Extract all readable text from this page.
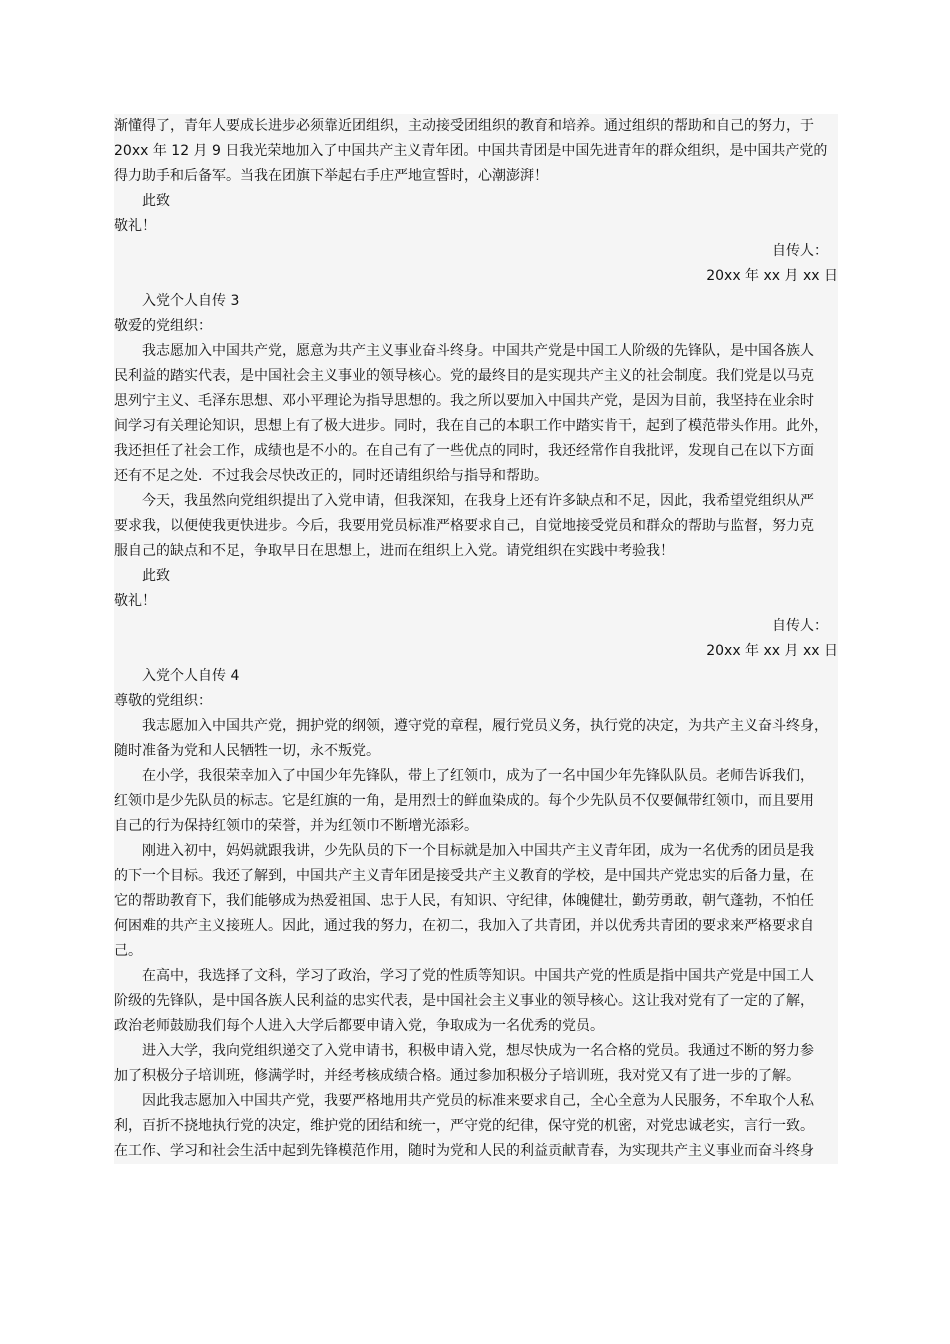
渐懂得了，青年人要成长进步必须靠近团组织，主动接受团组织的教育和培养。通过组织的帮助和自己的努力，于
20xx 年 12 月 9 日我光荣地加入了中国共产主义青年团。中国共青团是中国先进青年的群众组织，是中国共产党的
得力助手和后备军。当我在团旗下举起右手庄严地宣誓时，心潮澎湃！
此致
敬礼！
自传人：
20xx 年 xx 月 xx 日
入党个人自传 3
敬爱的党组织：
我志愿加入中国共产党，愿意为共产主义事业奋斗终身。中国共产党是中国工人阶级的先锋队，是中国各族人
民利益的踏实代表，是中国社会主义事业的领导核心。党的最终目的是实现共产主义的社会制度。我们党是以马克
思列宁主义、毛泽东思想、邓小平理论为指导思想的。我之所以要加入中国共产党，是因为目前，我坚持在业余时
间学习有关理论知识，思想上有了极大进步。同时，我在自己的本职工作中踏实肯干，起到了模范带头作用。此外，
我还担任了社会工作，成绩也是不小的。在自己有了一些优点的同时，我还经常作自我批评，发现自己在以下方面
还有不足之处．不过我会尽快改正的，同时还请组织给与指导和帮助。
今天，我虽然向党组织提出了入党申请，但我深知，在我身上还有许多缺点和不足，因此，我希望党组织从严
要求我，以便使我更快进步。今后，我要用党员标准严格要求自己，自觉地接受党员和群众的帮助与监督，努力克
服自己的缺点和不足，争取早日在思想上，进而在组织上入党。请党组织在实践中考验我！
此致
敬礼！
自传人：
20xx 年 xx 月 xx 日
入党个人自传 4
尊敬的党组织：
我志愿加入中国共产党，拥护党的纲领，遵守党的章程，履行党员义务，执行党的决定，为共产主义奋斗终身，
随时准备为党和人民牺牲一切，永不叛党。
在小学，我很荣幸加入了中国少年先锋队，带上了红领巾，成为了一名中国少年先锋队队员。老师告诉我们，
红领巾是少先队员的标志。它是红旗的一角，是用烈士的鲜血染成的。每个少先队员不仅要佩带红领巾，而且要用
自己的行为保持红领巾的荣誉，并为红领巾不断增光添彩。
刚进入初中，妈妈就跟我讲，少先队员的下一个目标就是加入中国共产主义青年团，成为一名优秀的团员是我
的下一个目标。我还了解到，中国共产主义青年团是接受共产主义教育的学校，是中国共产党忠实的后备力量，在
它的帮助教育下，我们能够成为热爱祖国、忠于人民，有知识、守纪律，体魄健壮，勤劳勇敢，朝气蓬勃，不怕任
何困难的共产主义接班人。因此，通过我的努力，在初二，我加入了共青团，并以优秀共青团的要求来严格要求自
己。
在高中，我选择了文科，学习了政治，学习了党的性质等知识。中国共产党的性质是指中国共产党是中国工人
阶级的先锋队，是中国各族人民利益的忠实代表，是中国社会主义事业的领导核心。这让我对党有了一定的了解，
政治老师鼓励我们每个人进入大学后都要申请入党，争取成为一名优秀的党员。
进入大学，我向党组织递交了入党申请书，积极申请入党，想尽快成为一名合格的党员。我通过不断的努力参
加了积极分子培训班，修满学时，并经考核成绩合格。通过参加积极分子培训班，我对党又有了进一步的了解。
因此我志愿加入中国共产党，我要严格地用共产党员的标准来要求自己，全心全意为人民服务，不牟取个人私
利，百折不挠地执行党的决定，维护党的团结和统一，严守党的纪律，保守党的机密，对党忠诚老实，言行一致。
在工作、学习和社会生活中起到先锋模范作用，随时为党和人民的利益贡献青春，为实现共产主义事业而奋斗终身
